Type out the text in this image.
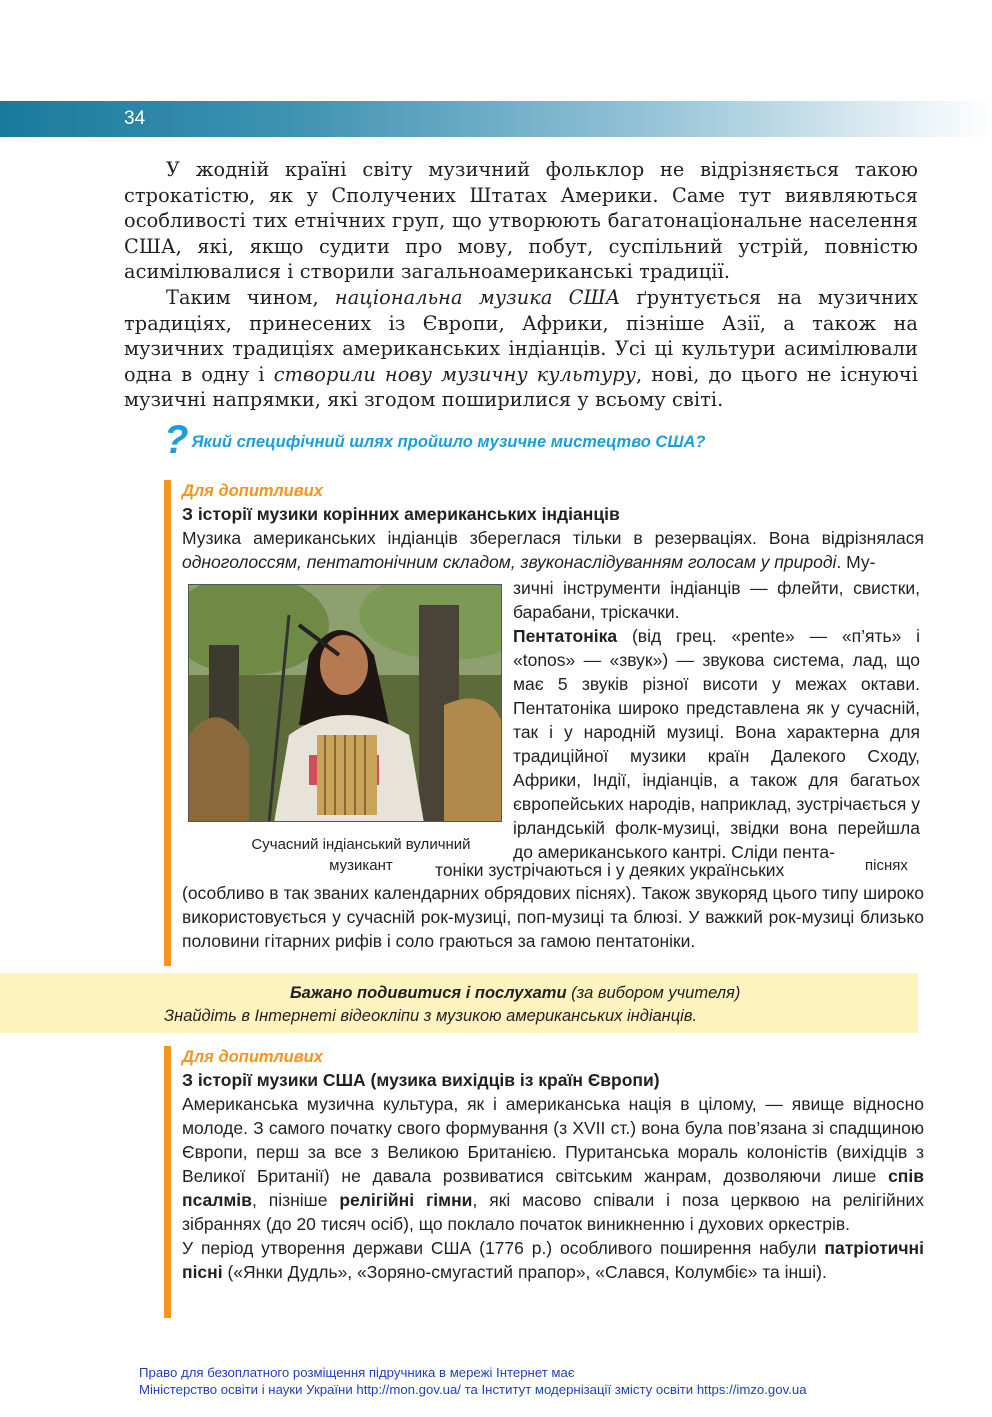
34

У жодній країні світу музичний фольклор не відрізняється такою строкатістю, як у Сполучених Штатах Америки. Саме тут виявляються особливості тих етнічних груп, що утворюють багатонаціональне населення США, які, якщо судити про мову, побут, суспільний устрій, повністю асимілювалися і створили загальноамериканські традиції.

Таким чином, національна музика США ґрунтується на музичних традиціях, принесених із Європи, Африки, пізніше Азії, а також на музичних традиціях американських індіанців. Усі ці культури асимілювали одна в одну і створили нову музичну культуру, нові, до цього не існуючі музичні напрямки, які згодом поширилися у всьому світі.

? Який специфічний шлях пройшло музичне мистецтво США?
Для допитливих
З історії музики корінних американських індіанців

Музика американських індіанців збереглася тільки в резерваціях. Вона відрізнялася одноголоссям, пентатонічним складом, звуконаслідуванням голосам у природі. Му-

Сучасний індіанський вуличний музикант

зичні інструменти індіанців — флейти, свистки, барабани, тріскачки.

Пентатоніка (від грец. «pente» — «п’ять» і «tonos» — «звук») — звукова система, лад, що має 5 звуків різної висоти у межах октави. Пентатоніка широко представлена як у сучасній, так і у народній музиці. Вона характерна для традиційної музики країн Далекого Сходу, Африки, Індії, індіанців, а також для багатьох європейських народів, наприклад, зустрічається у ірландській фолк-музиці, звідки вона перейшла до американського кантрі. Сліди пента-

тоніки зустрічаються і у деяких українських	піснях

(особливо в так званих календарних обрядових піснях). Також звукоряд цього типу широко використовується у сучасній рок-музиці, поп-музиці та блюзі. У важкий рок-музиці близько половини гітарних рифів і соло граються за гамою пентатоніки.

Бажано подивитися і послухати (за вибором учителя)
Знайдіть в Інтернеті відеокліпи з музикою американських індіанців.
Для допитливих
З історії музики США (музика вихідців із країн Європи)

Американська музична культура, як і американська нація в цілому, — явище відносно молоде. З самого початку свого формування (з XVII ст.) вона була пов’язана зі спадщиною Європи, перш за все з Великою Британією. Пуританська мораль колоністів (вихідців з Великої Британії) не давала розвиватися світським жанрам, дозволяючи лише спів псалмів, пізніше релігійні гімни, які масово співали і поза церквою на релігійних зібраннях (до 20 тисяч осіб), що поклало початок виникненню і духових оркестрів.

У період утворення держави США (1776 р.) особливого поширення набули патріотичні пісні («Янки Дудль», «Зоряно-смугастий прапор», «Слався, Колумбіє» та інші).

Право для безоплатного розміщення підручника в мережі Інтернет має
Міністерство освіти і науки України http://mon.gov.ua/ та Інститут модернізації змісту освіти https://imzo.gov.ua
